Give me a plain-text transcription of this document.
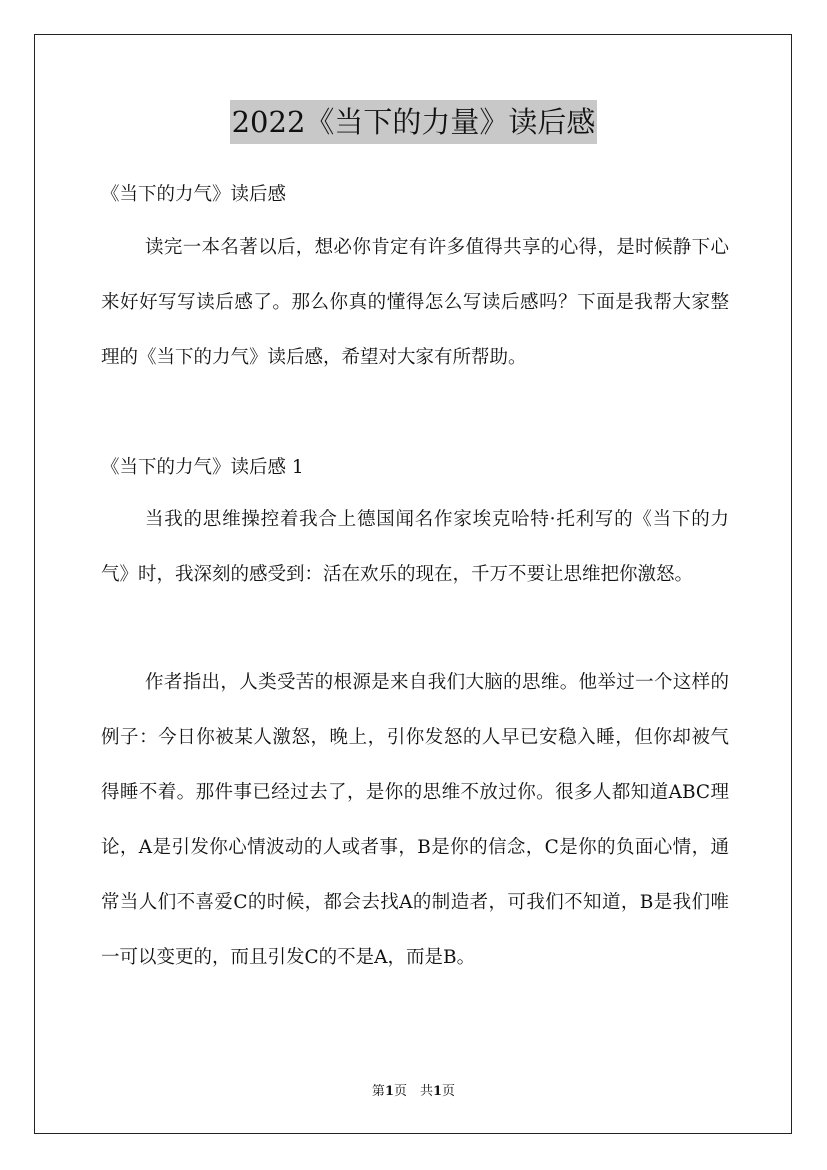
2022《当下的力量》读后感
《当下的力气》读后感

读完一本名著以后，想必你肯定有许多值得共享的心得，是时候静下心来好好写写读后感了。那么你真的懂得怎么写读后感吗？下面是我帮大家整理的《当下的力气》读后感，希望对大家有所帮助。

《当下的力气》读后感 1

当我的思维操控着我合上德国闻名作家埃克哈特·托利写的《当下的力气》时，我深刻的感受到：活在欢乐的现在，千万不要让思维把你激怒。

作者指出，人类受苦的根源是来自我们大脑的思维。他举过一个这样的例子：今日你被某人激怒，晚上，引你发怒的人早已安稳入睡，但你却被气得睡不着。那件事已经过去了，是你的思维不放过你。很多人都知道ABC理论，A是引发你心情波动的人或者事，B是你的信念，C是你的负面心情，通常当人们不喜爱C的时候，都会去找A的制造者，可我们不知道，B是我们唯一可以变更的，而且引发C的不是A，而是B。

第1页　共1页
